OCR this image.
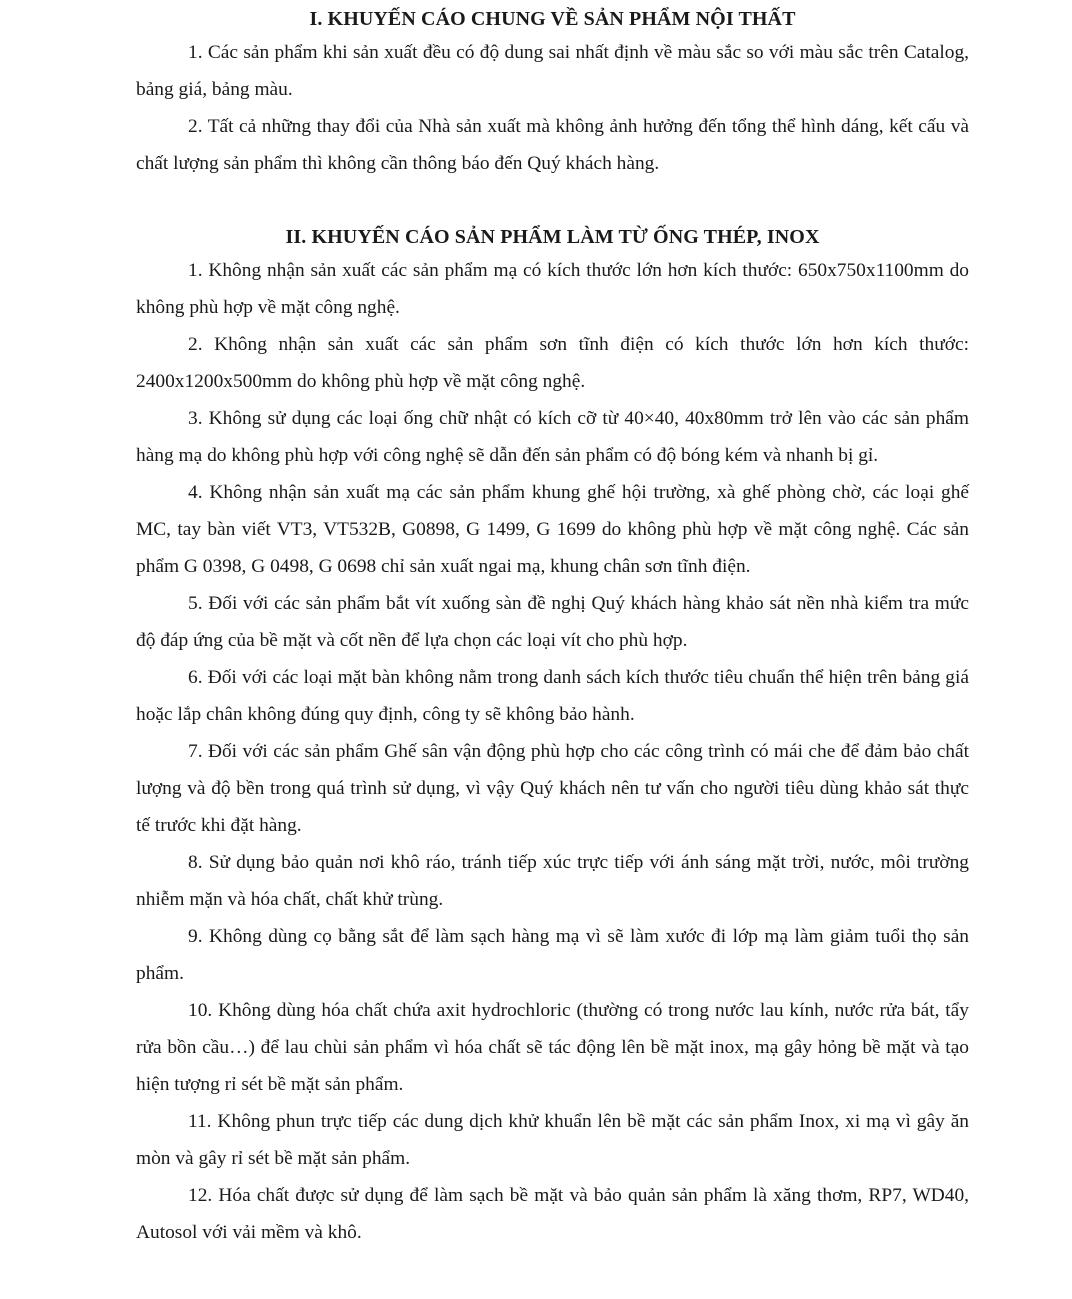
I. KHUYẾN CÁO CHUNG VỀ SẢN PHẨM NỘI THẤT

1. Các sản phẩm khi sản xuất đều có độ dung sai nhất định về màu sắc so với màu sắc trên Catalog, bảng giá, bảng màu.

2. Tất cả những thay đổi của Nhà sản xuất mà không ảnh hưởng đến tổng thể hình dáng, kết cấu và chất lượng sản phẩm thì không cần thông báo đến Quý khách hàng.

II. KHUYẾN CÁO SẢN PHẨM LÀM TỪ ỐNG THÉP, INOX

1. Không nhận sản xuất các sản phẩm mạ có kích thước lớn hơn kích thước: 650x750x1100mm do không phù hợp về mặt công nghệ.

2. Không nhận sản xuất các sản phẩm sơn tĩnh điện có kích thước lớn hơn kích thước: 2400x1200x500mm do không phù hợp về mặt công nghệ.

3. Không sử dụng các loại ống chữ nhật có kích cỡ từ 40×40, 40x80mm trở lên vào các sản phẩm hàng mạ do không phù hợp với công nghệ sẽ dẫn đến sản phẩm có độ bóng kém và nhanh bị gỉ.

4. Không nhận sản xuất mạ các sản phẩm khung ghế hội trường, xà ghế phòng chờ, các loại ghế MC, tay bàn viết VT3, VT532B, G0898, G 1499, G 1699 do không phù hợp về mặt công nghệ. Các sản phẩm G 0398, G 0498, G 0698 chỉ sản xuất ngai mạ, khung chân sơn tĩnh điện.

5. Đối với các sản phẩm bắt vít xuống sàn đề nghị Quý khách hàng khảo sát nền nhà kiểm tra mức độ đáp ứng của bề mặt và cốt nền để lựa chọn các loại vít cho phù hợp.

6. Đối với các loại mặt bàn không nằm trong danh sách kích thước tiêu chuẩn thể hiện trên bảng giá hoặc lắp chân không đúng quy định, công ty sẽ không bảo hành.

7. Đối với các sản phẩm Ghế sân vận động phù hợp cho các công trình có mái che để đảm bảo chất lượng và độ bền trong quá trình sử dụng, vì vậy Quý khách nên tư vấn cho người tiêu dùng khảo sát thực tế trước khi đặt hàng.

8. Sử dụng bảo quản nơi khô ráo, tránh tiếp xúc trực tiếp với ánh sáng mặt trời, nước, môi trường nhiễm mặn và hóa chất, chất khử trùng.

9. Không dùng cọ bằng sắt để làm sạch hàng mạ vì sẽ làm xước đi lớp mạ làm giảm tuổi thọ sản phẩm.

10. Không dùng hóa chất chứa axit hydrochloric (thường có trong nước lau kính, nước rửa bát, tẩy rửa bồn cầu…) để lau chùi sản phẩm vì hóa chất sẽ tác động lên bề mặt inox, mạ gây hỏng bề mặt và tạo hiện tượng rỉ sét bề mặt sản phẩm.

11. Không phun trực tiếp các dung dịch khử khuẩn lên bề mặt các sản phẩm Inox, xi mạ vì gây ăn mòn và gây rỉ sét bề mặt sản phẩm.

12. Hóa chất được sử dụng để làm sạch bề mặt và bảo quản sản phẩm là xăng thơm, RP7, WD40, Autosol với vải mềm và khô.
